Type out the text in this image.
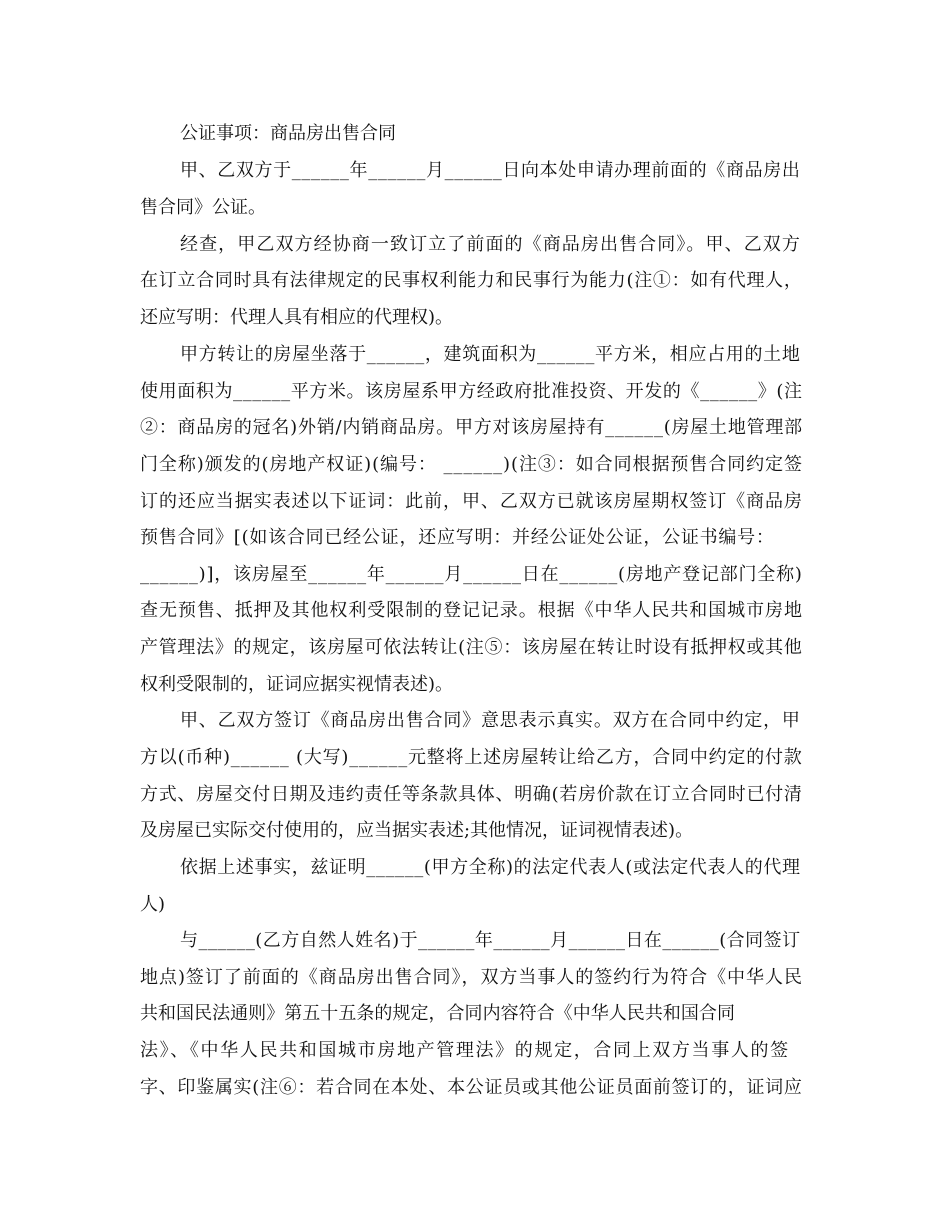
公证事项：商品房出售合同
甲、乙双方于______年______月______日向本处申请办理前面的《商品房出
售合同》公证。
经查，甲乙双方经协商一致订立了前面的《商品房出售合同》。甲、乙双方
在订立合同时具有法律规定的民事权利能力和民事行为能力(注①：如有代理人，
还应写明：代理人具有相应的代理权)。
甲方转让的房屋坐落于______，建筑面积为______平方米，相应占用的土地
使用面积为______平方米。该房屋系甲方经政府批准投资、开发的《______》(注
②：商品房的冠名)外销/内销商品房。甲方对该房屋持有______(房屋土地管理部
门全称)颁发的(房地产权证)(编号： ______)(注③：如合同根据预售合同约定签
订的还应当据实表述以下证词：此前，甲、乙双方已就该房屋期权签订《商品房
预售合同》[(如该合同已经公证，还应写明：并经公证处公证，公证书编号：
______)]，该房屋至______年______月______日在______(房地产登记部门全称)
查无预售、抵押及其他权利受限制的登记记录。根据《中华人民共和国城市房地
产管理法》的规定，该房屋可依法转让(注⑤：该房屋在转让时设有抵押权或其他
权利受限制的，证词应据实视情表述)。
甲、乙双方签订《商品房出售合同》意思表示真实。双方在合同中约定，甲
方以(币种)______ (大写)______元整将上述房屋转让给乙方，合同中约定的付款
方式、房屋交付日期及违约责任等条款具体、明确(若房价款在订立合同时已付清
及房屋已实际交付使用的，应当据实表述;其他情况，证词视情表述)。
依据上述事实，兹证明______(甲方全称)的法定代表人(或法定代表人的代理
人)
与______(乙方自然人姓名)于______年______月______日在______(合同签订
地点)签订了前面的《商品房出售合同》，双方当事人的签约行为符合《中华人民
共和国民法通则》第五十五条的规定，合同内容符合《中华人民共和国合同
法》、《中华人民共和国城市房地产管理法》的规定，合同上双方当事人的签
字、印鉴属实(注⑥：若合同在本处、本公证员或其他公证员面前签订的，证词应
